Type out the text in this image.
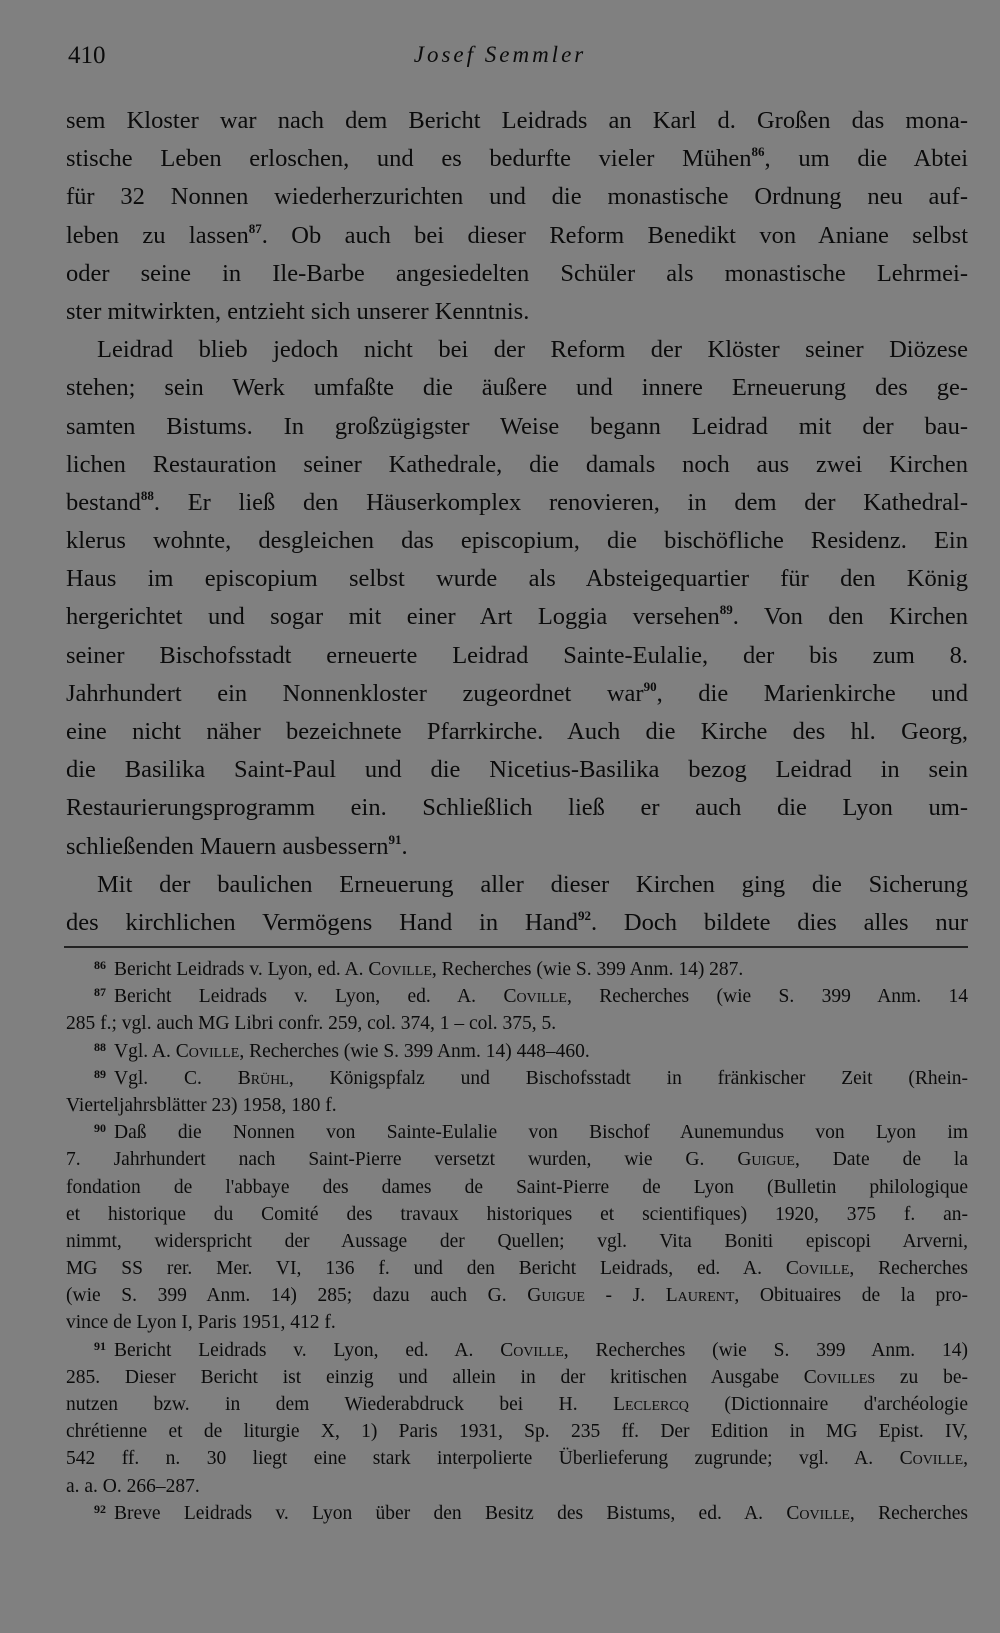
410	Josef Semmler
sem Kloster war nach dem Bericht Leidrads an Karl d. Großen das mona-
stische Leben erloschen, und es bedurfte vieler Mühen$^{86}$, um die Abtei
für 32 Nonnen wiederherzurichten und die monastische Ordnung neu auf-
leben zu lassen$^{87}$. Ob auch bei dieser Reform Benedikt von Aniane selbst
oder seine in Ile-Barbe angesiedelten Schüler als monastische Lehrmei-
ster mitwirkten, entzieht sich unserer Kenntnis.
Leidrad blieb jedoch nicht bei der Reform der Klöster seiner Diözese
stehen; sein Werk umfaßte die äußere und innere Erneuerung des ge-
samten Bistums. In großzügigster Weise begann Leidrad mit der bau-
lichen Restauration seiner Kathedrale, die damals noch aus zwei Kirchen
bestand$^{88}$. Er ließ den Häuserkomplex renovieren, in dem der Kathedral-
klerus wohnte, desgleichen das episcopium, die bischöfliche Residenz. Ein
Haus im episcopium selbst wurde als Absteigequartier für den König
hergerichtet und sogar mit einer Art Loggia versehen$^{89}$. Von den Kirchen
seiner Bischofsstadt erneuerte Leidrad Sainte-Eulalie, der bis zum 8.
Jahrhundert ein Nonnenkloster zugeordnet war$^{90}$, die Marienkirche und
eine nicht näher bezeichnete Pfarrkirche. Auch die Kirche des hl. Georg,
die Basilika Saint-Paul und die Nicetius-Basilika bezog Leidrad in sein
Restaurierungsprogramm ein. Schließlich ließ er auch die Lyon um-
schließenden Mauern ausbessern$^{91}$.
Mit der baulichen Erneuerung aller dieser Kirchen ging die Sicherung
des kirchlichen Vermögens Hand in Hand$^{92}$. Doch bildete dies alles nur
$^{86}$ Bericht Leidrads v. Lyon, ed. A. Coville, Recherches (wie S. 399 Anm. 14) 287.
$^{87}$ Bericht Leidrads v. Lyon, ed. A. Coville, Recherches (wie S. 399 Anm. 14
285 f.; vgl. auch MG Libri confr. 259, col. 374, 1 – col. 375, 5.
$^{88}$ Vgl. A. Coville, Recherches (wie S. 399 Anm. 14) 448–460.
$^{89}$ Vgl. C. Brühl, Königspfalz und Bischofsstadt in fränkischer Zeit (Rhein-
Vierteljahrsblätter 23) 1958, 180 f.
$^{90}$ Daß die Nonnen von Sainte-Eulalie von Bischof Aunemundus von Lyon im
7. Jahrhundert nach Saint-Pierre versetzt wurden, wie G. Guigue, Date de la
fondation de l'abbaye des dames de Saint-Pierre de Lyon (Bulletin philologique
et historique du Comité des travaux historiques et scientifiques) 1920, 375 f. an-
nimmt, widerspricht der Aussage der Quellen; vgl. Vita Boniti episcopi Arverni,
MG SS rer. Mer. VI, 136 f. und den Bericht Leidrads, ed. A. Coville, Recherches
(wie S. 399 Anm. 14) 285; dazu auch G. Guigue - J. Laurent, Obituaires de la pro-
vince de Lyon I, Paris 1951, 412 f.
$^{91}$ Bericht Leidrads v. Lyon, ed. A. Coville, Recherches (wie S. 399 Anm. 14)
285. Dieser Bericht ist einzig und allein in der kritischen Ausgabe Covilles zu be-
nutzen bzw. in dem Wiederabdruck bei H. Leclercq (Dictionnaire d'archéologie
chrétienne et de liturgie X, 1) Paris 1931, Sp. 235 ff. Der Edition in MG Epist. IV,
542 ff. n. 30 liegt eine stark interpolierte Überlieferung zugrunde; vgl. A. Coville,
a. a. O. 266–287.
$^{92}$ Breve Leidrads v. Lyon über den Besitz des Bistums, ed. A. Coville, Recherches
